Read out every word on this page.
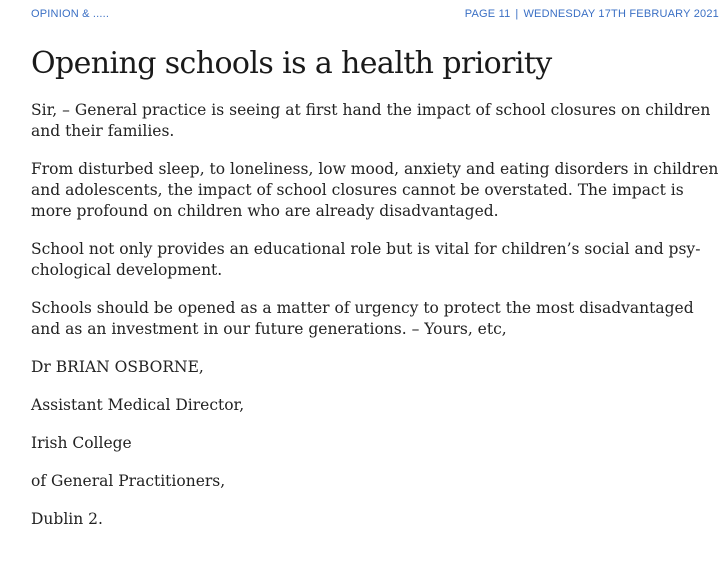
OPINION & .....	PAGE 11 | WEDNESDAY 17TH FEBRUARY 2021
Opening schools is a health priority

Sir, – General practice is seeing at first hand the impact of school closures on children and their families.

From disturbed sleep, to loneliness, low mood, anxiety and eating disorders in children and adolescents, the impact of school closures cannot be overstated. The impact is more profound on children who are already disadvantaged.

School not only provides an educational role but is vital for children’s social and psychological development.

Schools should be opened as a matter of urgency to protect the most disadvantaged and as an investment in our future generations. – Yours, etc,

Dr BRIAN OSBORNE,

Assistant Medical Director,

Irish College

of General Practitioners,

Dublin 2.
